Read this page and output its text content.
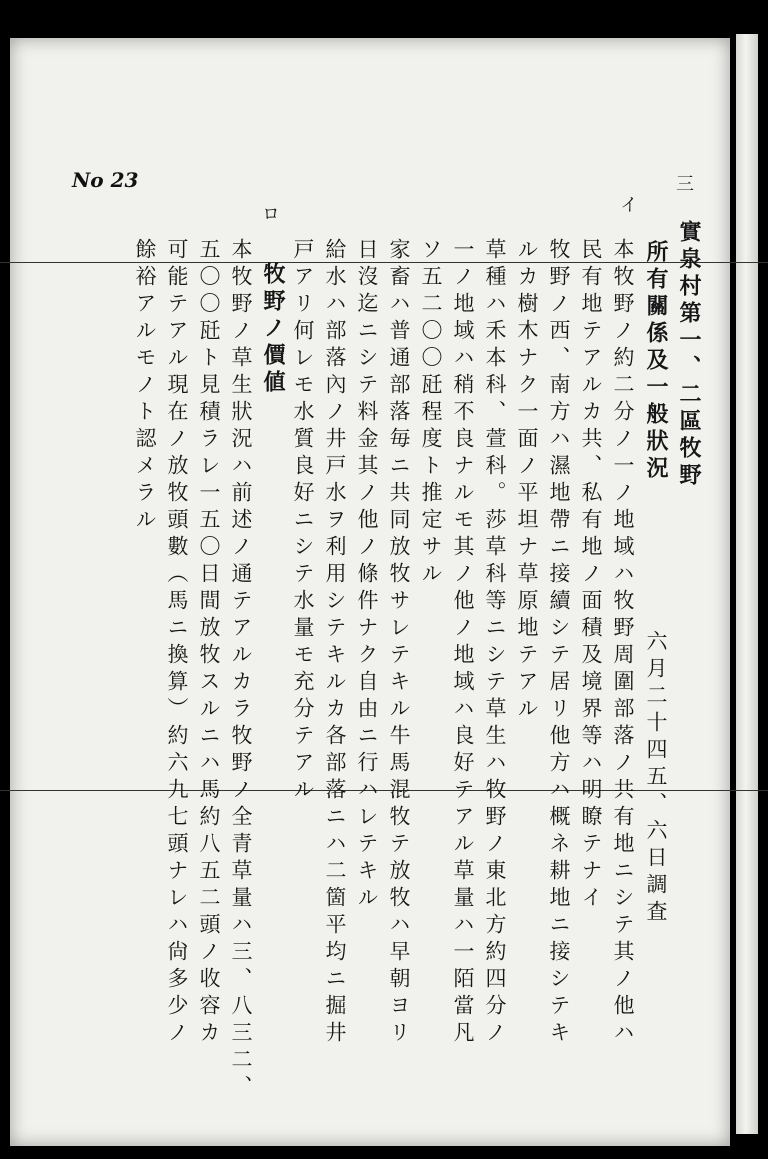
No 23	三
實泉村第一、二區牧野
所有關係及一般狀況
六月二十四五、六日調査
イ
本牧野ノ約二分ノ一ノ地域ハ牧野周圍部落ノ共有地ニシテ其ノ他ハ
民有地テアルカ共、私有地ノ面積及境界等ハ明瞭テナイ
牧野ノ西、南方ハ濕地帶ニ接續シテ居リ他方ハ概ネ耕地ニ接シテキ
ルカ樹木ナク一面ノ平坦ナ草原地テアル
草種ハ禾本科、萱科。莎草科等ニシテ草生ハ牧野ノ東北方約四分ノ
一ノ地域ハ稍不良ナルモ其ノ他ノ地域ハ良好テアル草量ハ一陌當凡
ソ五二〇〇瓩程度ト推定サル
家畜ハ普通部落毎ニ共同放牧サレテキル牛馬混牧テ放牧ハ早朝ヨリ
日沒迄ニシテ料金其ノ他ノ條件ナク自由ニ行ハレテキル
給水ハ部落內ノ井戸水ヲ利用シテキルカ各部落ニハ二箇平均ニ掘井
戸アリ何レモ水質良好ニシテ水量モ充分テアル
ロ
牧野ノ價値
本牧野ノ草生狀況ハ前述ノ通テアルカラ牧野ノ全青草量ハ三、八三二、
五〇〇瓩ト見積ラレ一五〇日間放牧スルニハ馬約八五二頭ノ收容カ
可能テアル現在ノ放牧頭數（馬ニ換算）約六九七頭ナレハ尙多少ノ
餘裕アルモノト認メラル
